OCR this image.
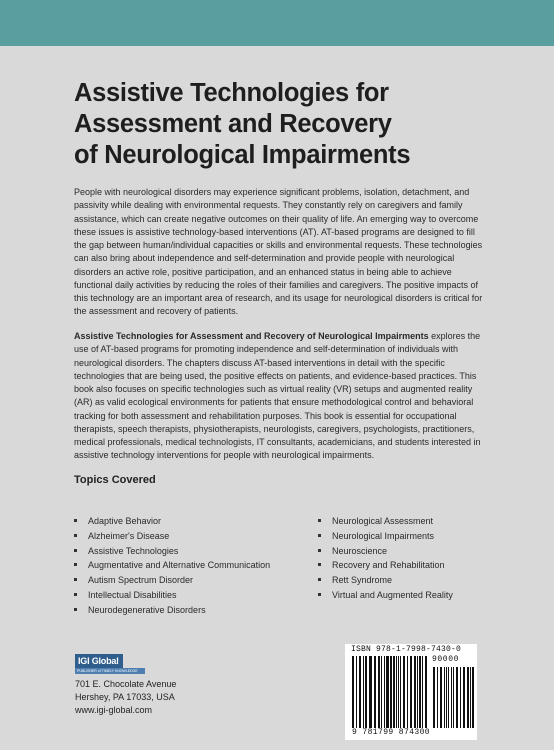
Assistive Technologies for
Assessment and Recovery
of Neurological Impairments

People with neurological disorders may experience significant problems, isolation, detachment, and passivity while dealing with environmental requests. They constantly rely on caregivers and family assistance, which can create negative outcomes on their quality of life. An emerging way to overcome these issues is assistive technology-based interventions (AT). AT-based programs are designed to fill the gap between human/individual capacities or skills and environmental requests. These technologies can also bring about independence and self-determination and provide people with neurological disorders an active role, positive participation, and an enhanced status in being able to achieve functional daily activities by reducing the roles of their families and caregivers. The positive impacts of this technology are an important area of research, and its usage for neurological disorders is critical for the assessment and recovery of patients.

Assistive Technologies for Assessment and Recovery of Neurological Impairments explores the use of AT-based programs for promoting independence and self-determination of individuals with neurological disorders. The chapters discuss AT-based interventions in detail with the specific technologies that are being used, the positive effects on patients, and evidence-based practices. This book also focuses on specific technologies such as virtual reality (VR) setups and augmented reality (AR) as valid ecological environments for patients that ensure methodological control and behavioral tracking for both assessment and rehabilitation purposes. This book is essential for occupational therapists, speech therapists, physiotherapists, neurologists, caregivers, psychologists, practitioners, medical professionals, medical technologists, IT consultants, academicians, and students interested in assistive technology interventions for people with neurological impairments.

Topics Covered
Adaptive Behavior
Alzheimer's Disease
Assistive Technologies
Augmentative and Alternative Communication
Autism Spectrum Disorder
Intellectual Disabilities
Neurodegenerative Disorders
Neurological Assessment
Neurological Impairments
Neuroscience
Recovery and Rehabilitation
Rett Syndrome
Virtual and Augmented Reality
IGI Global
PUBLISHER of TIMELY KNOWLEDGE
701 E. Chocolate Avenue
Hershey, PA 17033, USA
www.igi-global.com
ISBN 978-1-7998-7430-0
90000
9 781799 874300
